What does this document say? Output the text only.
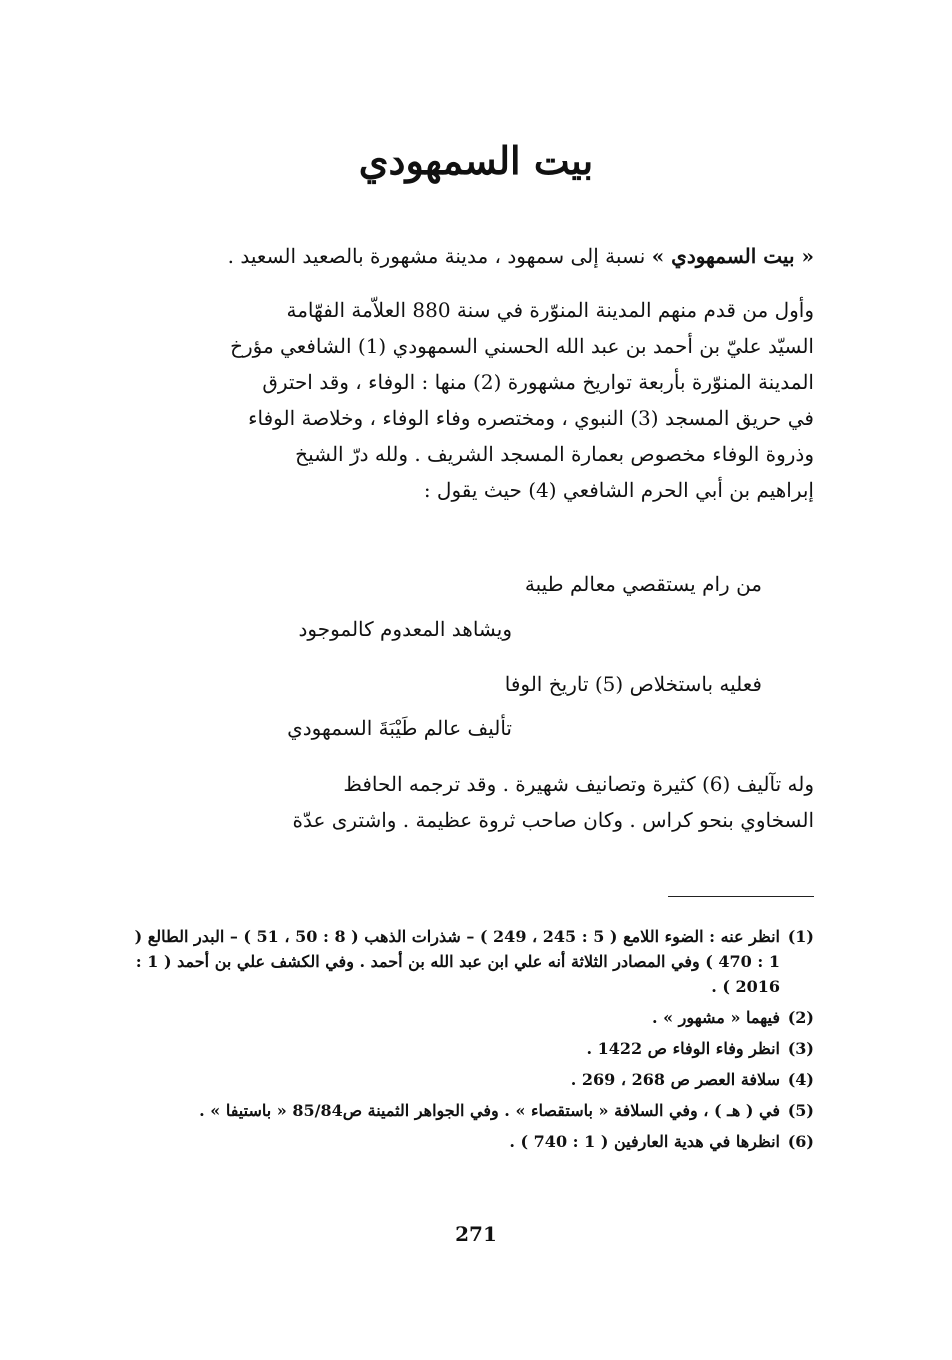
بيت السمهودي
« بيت السمهودي » نسبة إلى سمهود ، مدينة مشهورة بالصعيد السعيد .
وأول من قدم منهم المدينة المنوّرة في سنة 880 العلاّمة الفهّامة
السيّد عليّ بن أحمد بن عبد الله الحسني السمهودي (1) الشافعي مؤرخ
المدينة المنوّرة بأربعة تواريخ مشهورة (2) منها : الوفاء ، وقد احترق
في حريق المسجد (3) النبوي ، ومختصره وفاء الوفاء ، وخلاصة الوفاء
وذروة الوفاء مخصوص بعمارة المسجد الشريف . ولله درّ الشيخ
إبراهيم بن أبي الحرم الشافعي (4) حيث يقول :
من رام يستقصي معالم طيبة
ويشاهد المعدوم كالموجود
فعليه باستخلاص (5) تاريخ الوفا
تأليف عالم طَيْبَةَ السمهودي
وله تآليف (6) كثيرة وتصانيف شهيرة . وقد ترجمه الحافظ
السخاوي بنحو كراس . وكان صاحب ثروة عظيمة . واشترى عدّة
(1)
انظر عنه : الضوء اللامع ( 5 : 245 ، 249 ) – شذرات الذهب ( 8 : 50 ، 51 ) – البدر الطالع ( 1 : 470 ) وفي المصادر الثلاثة أنه علي ابن عبد الله بن أحمد . وفي الكشف علي بن أحمد ( 1 : 2016 ) .
(2)
فيهما « مشهور » .
(3)
انظر وفاء الوفاء ص 1422 .
(4)
سلافة العصر ص 268 ، 269 .
(5)
في ( هـ ) ، وفي السلافة « باستقصاء » . وفي الجواهر الثمينة ص85/84 « باستيفا » .
(6)
انظرها في هدية العارفين ( 1 : 740 ) .
271
